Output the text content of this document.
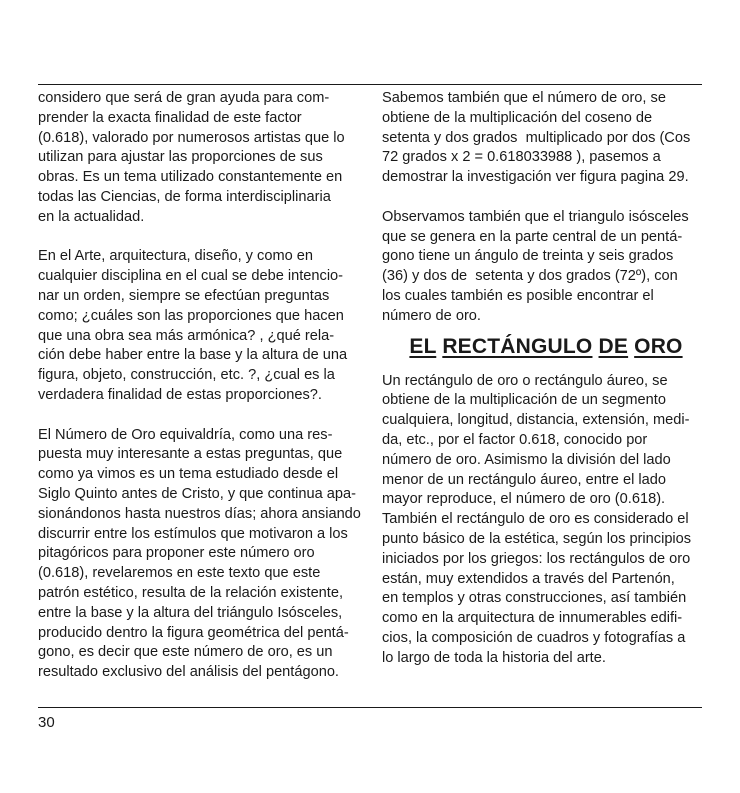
considero que será de gran ayuda para com-
prender la exacta finalidad de este factor
(0.618), valorado por numerosos artistas que lo
utilizan para ajustar las proporciones de sus
obras. Es un tema utilizado constantemente en
todas las Ciencias, de forma interdisciplinaria
en la actualidad.
En el Arte, arquitectura, diseño, y como en
cualquier disciplina en el cual se debe intencio-
nar un orden, siempre se efectúan preguntas
como; ¿cuáles son las proporciones que hacen
que una obra sea más armónica? , ¿qué rela-
ción debe haber entre la base y la altura de una
figura, objeto, construcción, etc. ?, ¿cual es la
verdadera finalidad de estas proporciones?.
El Número de Oro equivaldría, como una res-
puesta muy interesante a estas preguntas, que
como ya vimos es un tema estudiado desde el
Siglo Quinto antes de Cristo, y que continua apa-
sionándonos hasta nuestros días; ahora ansiando
discurrir entre los estímulos que motivaron a los
pitagóricos para proponer este número oro
(0.618), revelaremos en este texto que este
patrón estético, resulta de la relación existente,
entre la base y la altura del triángulo Isósceles,
producido dentro la figura geométrica del pentá-
gono, es decir que este número de oro, es un
resultado exclusivo del análisis del pentágono.
Sabemos también que el número de oro, se
obtiene de la multiplicación del coseno de
setenta y dos grados  multiplicado por dos (Cos
72 grados x 2 = 0.618033988 ), pasemos a
demostrar la investigación ver figura pagina 29.
Observamos también que el triangulo isósceles
que se genera en la parte central de un pentá-
gono tiene un ángulo de treinta y seis grados
(36) y dos de  setenta y dos grados (72º), con
los cuales también es posible encontrar el
número de oro.
EL RECTÁNGULO DE ORO
Un rectángulo de oro o rectángulo áureo, se
obtiene de la multiplicación de un segmento
cualquiera, longitud, distancia, extensión, medi-
da, etc., por el factor 0.618, conocido por
número de oro. Asimismo la división del lado
menor de un rectángulo áureo, entre el lado
mayor reproduce, el número de oro (0.618).
También el rectángulo de oro es considerado el
punto básico de la estética, según los principios
iniciados por los griegos: los rectángulos de oro
están, muy extendidos a través del Partenón,
en templos y otras construcciones, así también
como en la arquitectura de innumerables edifi-
cios, la composición de cuadros y fotografías a
lo largo de toda la historia del arte.
30
